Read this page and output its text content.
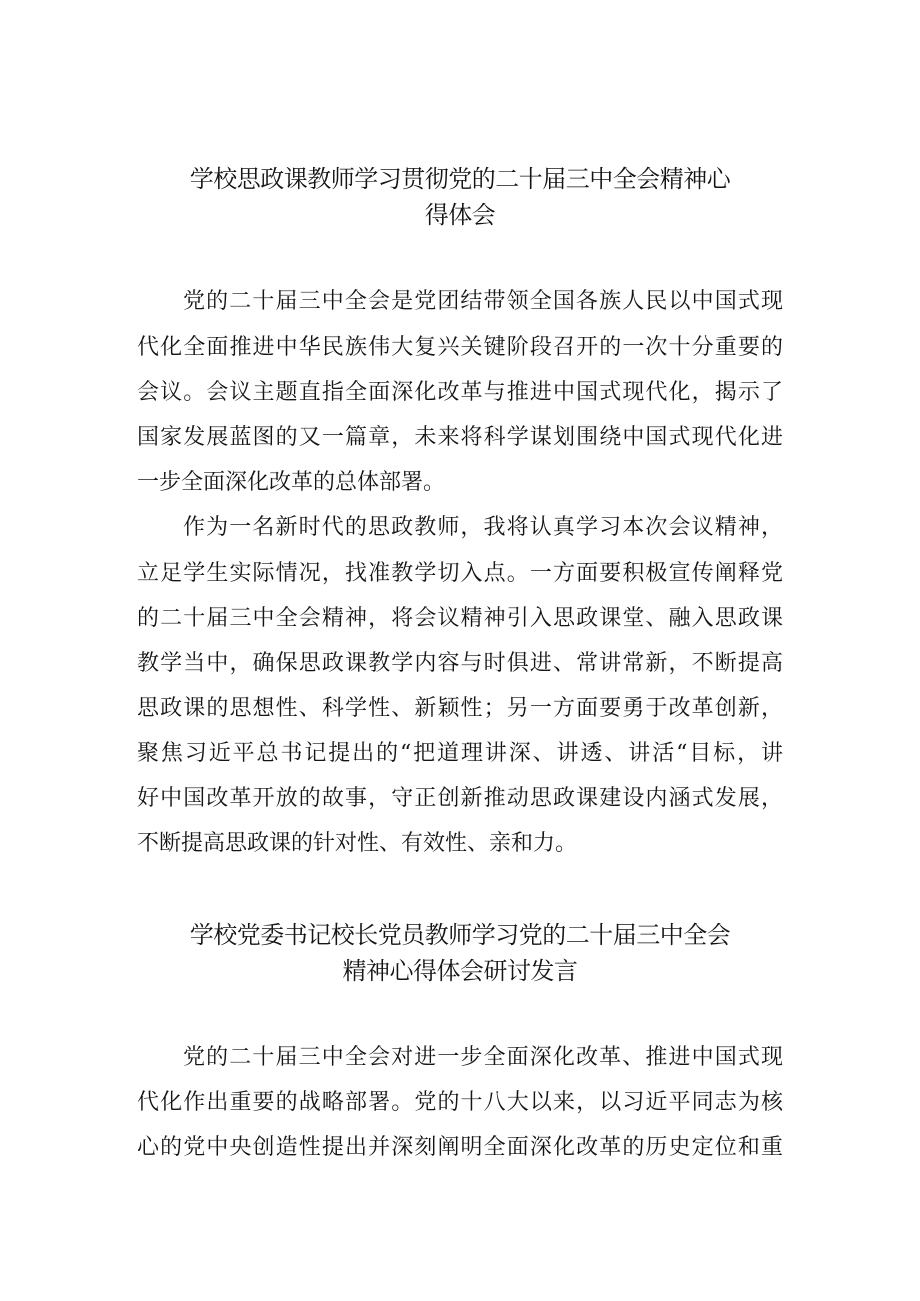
学校思政课教师学习贯彻党的二十届三中全会精神心
得体会
党的二十届三中全会是党团结带领全国各族人民以中国式现
代化全面推进中华民族伟大复兴关键阶段召开的一次十分重要的
会议。会议主题直指全面深化改革与推进中国式现代化，揭示了
国家发展蓝图的又一篇章，未来将科学谋划围绕中国式现代化进
一步全面深化改革的总体部署。
作为一名新时代的思政教师，我将认真学习本次会议精神，
立足学生实际情况，找准教学切入点。一方面要积极宣传阐释党
的二十届三中全会精神，将会议精神引入思政课堂、融入思政课
教学当中，确保思政课教学内容与时俱进、常讲常新，不断提高
思政课的思想性、科学性、新颖性；另一方面要勇于改革创新，
聚焦习近平总书记提出的“把道理讲深、讲透、讲活“目标，讲
好中国改革开放的故事，守正创新推动思政课建设内涵式发展，
不断提高思政课的针对性、有效性、亲和力。
学校党委书记校长党员教师学习党的二十届三中全会
精神心得体会研讨发言
党的二十届三中全会对进一步全面深化改革、推进中国式现
代化作出重要的战略部署。党的十八大以来，以习近平同志为核
心的党中央创造性提出并深刻阐明全面深化改革的历史定位和重
